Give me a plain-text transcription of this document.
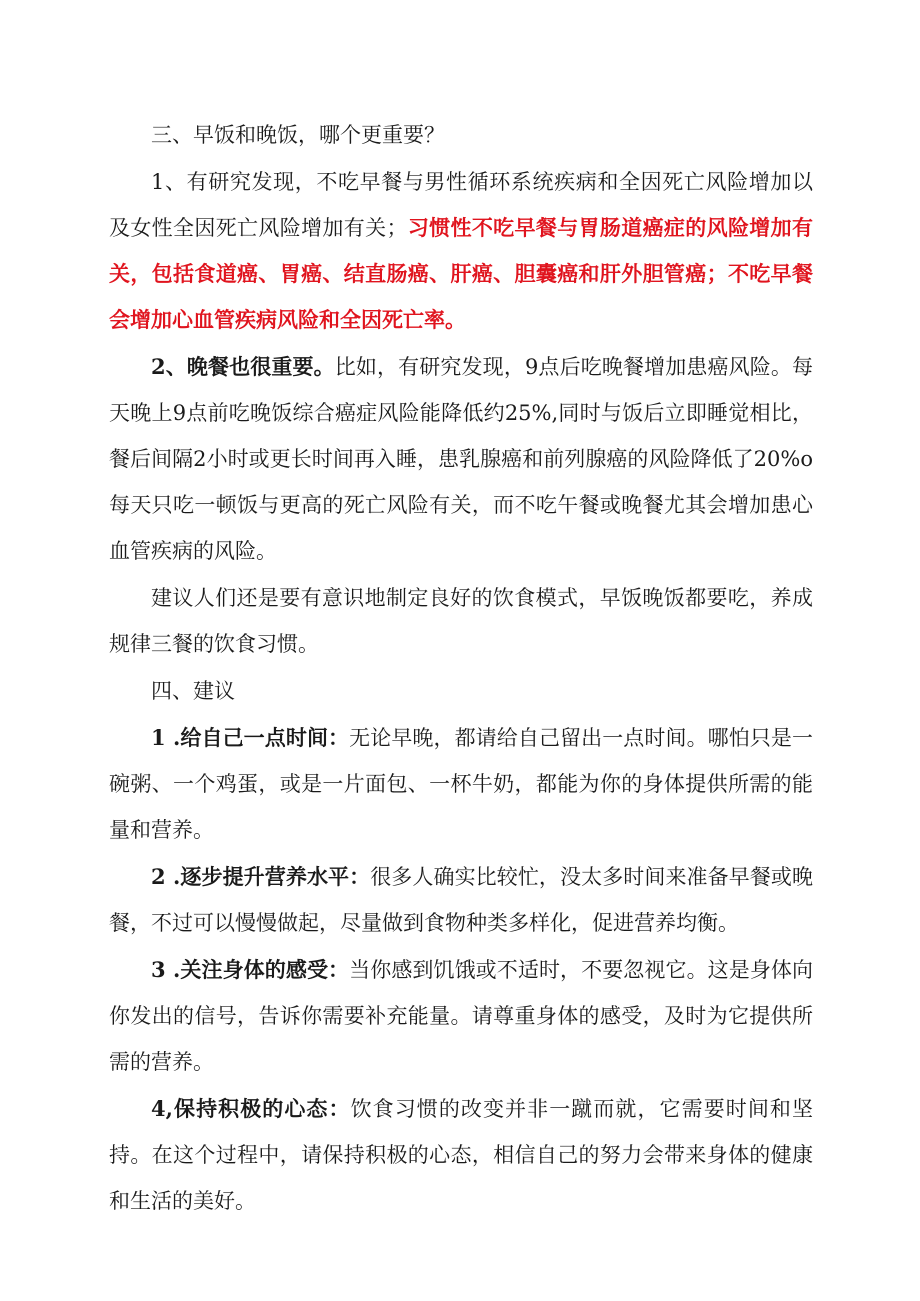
三、早饭和晚饭，哪个更重要？

1、有研究发现，不吃早餐与男性循环系统疾病和全因死亡风险增加以及女性全因死亡风险增加有关；习惯性不吃早餐与胃肠道癌症的风险增加有关，包括食道癌、胃癌、结直肠癌、肝癌、胆囊癌和肝外胆管癌；不吃早餐会增加心血管疾病风险和全因死亡率。

2、晚餐也很重要。比如，有研究发现，9点后吃晚餐增加患癌风险。每天晚上9点前吃晚饭综合癌症风险能降低约25%,同时与饭后立即睡觉相比，餐后间隔2小时或更长时间再入睡，患乳腺癌和前列腺癌的风险降低了20%o每天只吃一顿饭与更高的死亡风险有关，而不吃午餐或晚餐尤其会增加患心血管疾病的风险。

建议人们还是要有意识地制定良好的饮食模式，早饭晚饭都要吃，养成规律三餐的饮食习惯。

四、建议

1 .给自己一点时间：无论早晚，都请给自己留出一点时间。哪怕只是一碗粥、一个鸡蛋，或是一片面包、一杯牛奶，都能为你的身体提供所需的能量和营养。

2 .逐步提升营养水平：很多人确实比较忙，没太多时间来准备早餐或晚餐，不过可以慢慢做起，尽量做到食物种类多样化，促进营养均衡。

3 .关注身体的感受：当你感到饥饿或不适时，不要忽视它。这是身体向你发出的信号，告诉你需要补充能量。请尊重身体的感受，及时为它提供所需的营养。

4,保持积极的心态：饮食习惯的改变并非一蹴而就，它需要时间和坚持。在这个过程中，请保持积极的心态，相信自己的努力会带来身体的健康和生活的美好。
